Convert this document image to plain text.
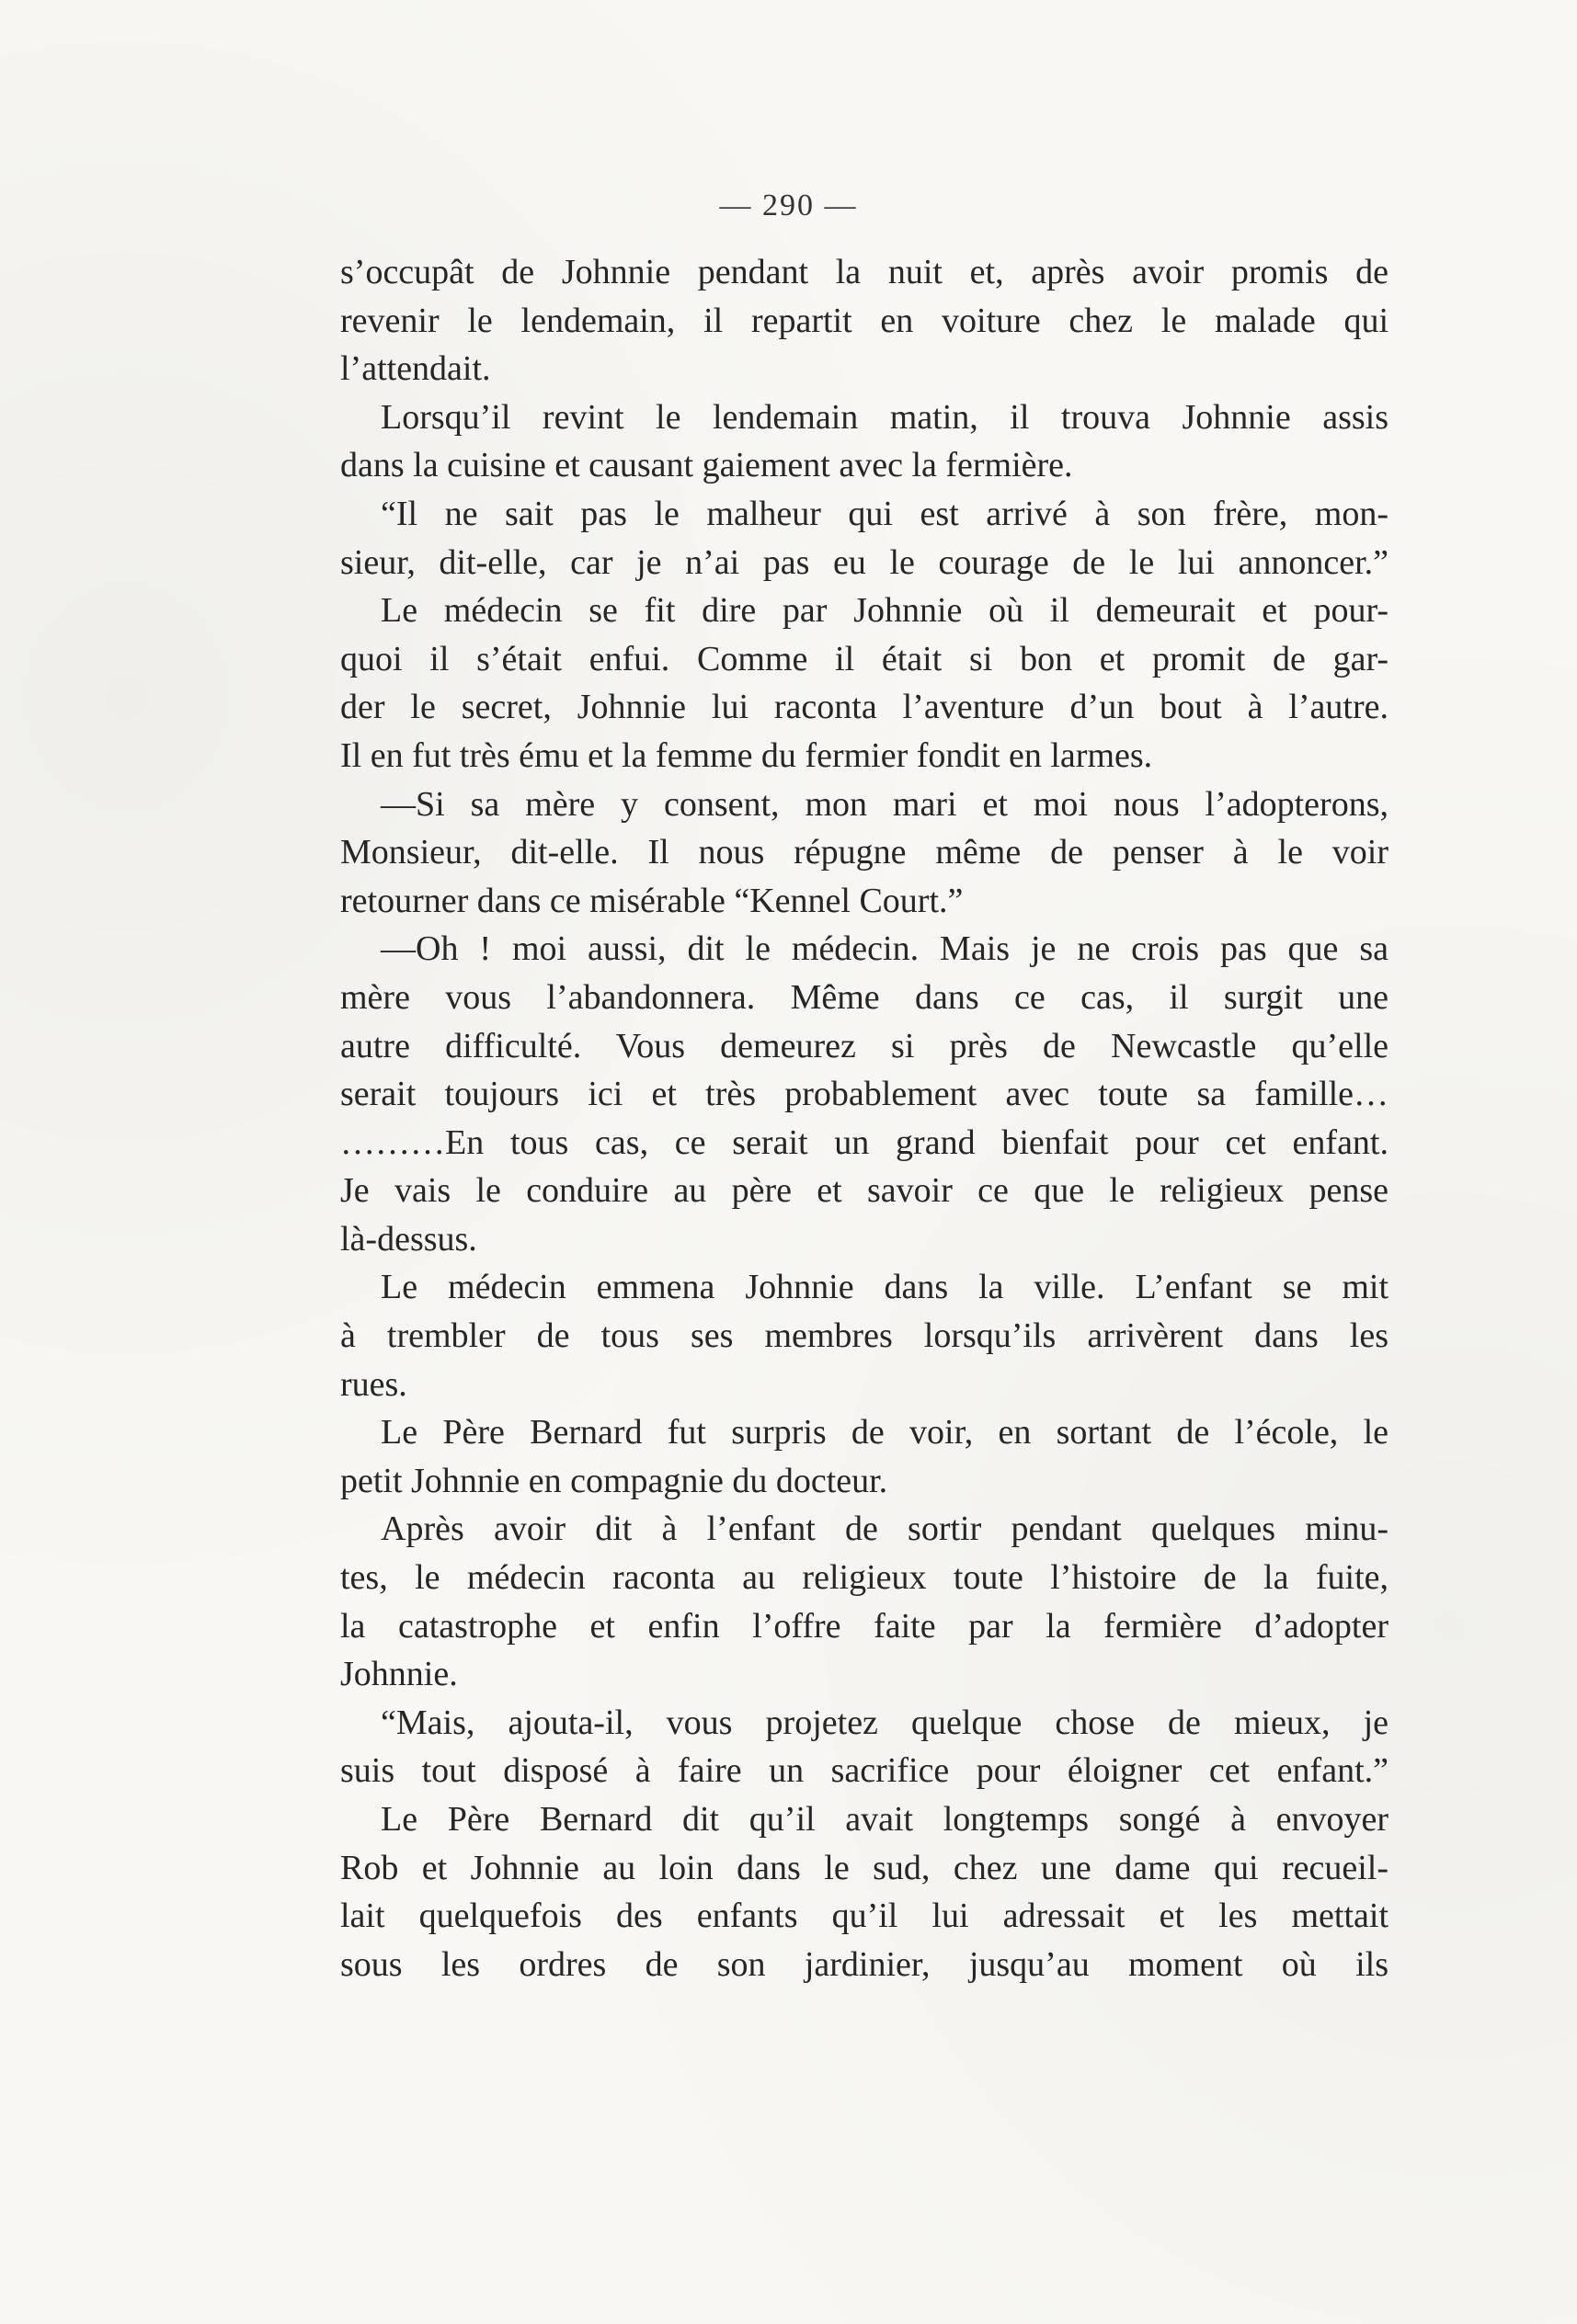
— 290 —
s’occupât de Johnnie pendant la nuit et, après avoir promis de
revenir le lendemain, il repartit en voiture chez le malade qui
l’attendait.
Lorsqu’il revint le lendemain matin, il trouva Johnnie assis
dans la cuisine et causant gaiement avec la fermière.
“Il ne sait pas le malheur qui est arrivé à son frère, mon-
sieur, dit-elle, car je n’ai pas eu le courage de le lui annoncer.”
Le médecin se fit dire par Johnnie où il demeurait et pour-
quoi il s’était enfui. Comme il était si bon et promit de gar-
der le secret, Johnnie lui raconta l’aventure d’un bout à l’autre.
Il en fut très ému et la femme du fermier fondit en larmes.
—Si sa mère y consent, mon mari et moi nous l’adopterons,
Monsieur, dit-elle. Il nous répugne même de penser à le voir
retourner dans ce misérable “Kennel Court.”
—Oh ! moi aussi, dit le médecin. Mais je ne crois pas que sa
mère vous l’abandonnera. Même dans ce cas, il surgit une
autre difficulté. Vous demeurez si près de Newcastle qu’elle
serait toujours ici et très probablement avec toute sa famille…
………En tous cas, ce serait un grand bienfait pour cet enfant.
Je vais le conduire au père et savoir ce que le religieux pense
là-dessus.
Le médecin emmena Johnnie dans la ville. L’enfant se mit
à trembler de tous ses membres lorsqu’ils arrivèrent dans les
rues.
Le Père Bernard fut surpris de voir, en sortant de l’école, le
petit Johnnie en compagnie du docteur.
Après avoir dit à l’enfant de sortir pendant quelques minu-
tes, le médecin raconta au religieux toute l’histoire de la fuite,
la catastrophe et enfin l’offre faite par la fermière d’adopter
Johnnie.
“Mais, ajouta-il, vous projetez quelque chose de mieux, je
suis tout disposé à faire un sacrifice pour éloigner cet enfant.”
Le Père Bernard dit qu’il avait longtemps songé à envoyer
Rob et Johnnie au loin dans le sud, chez une dame qui recueil-
lait quelquefois des enfants qu’il lui adressait et les mettait
sous les ordres de son jardinier, jusqu’au moment où ils
